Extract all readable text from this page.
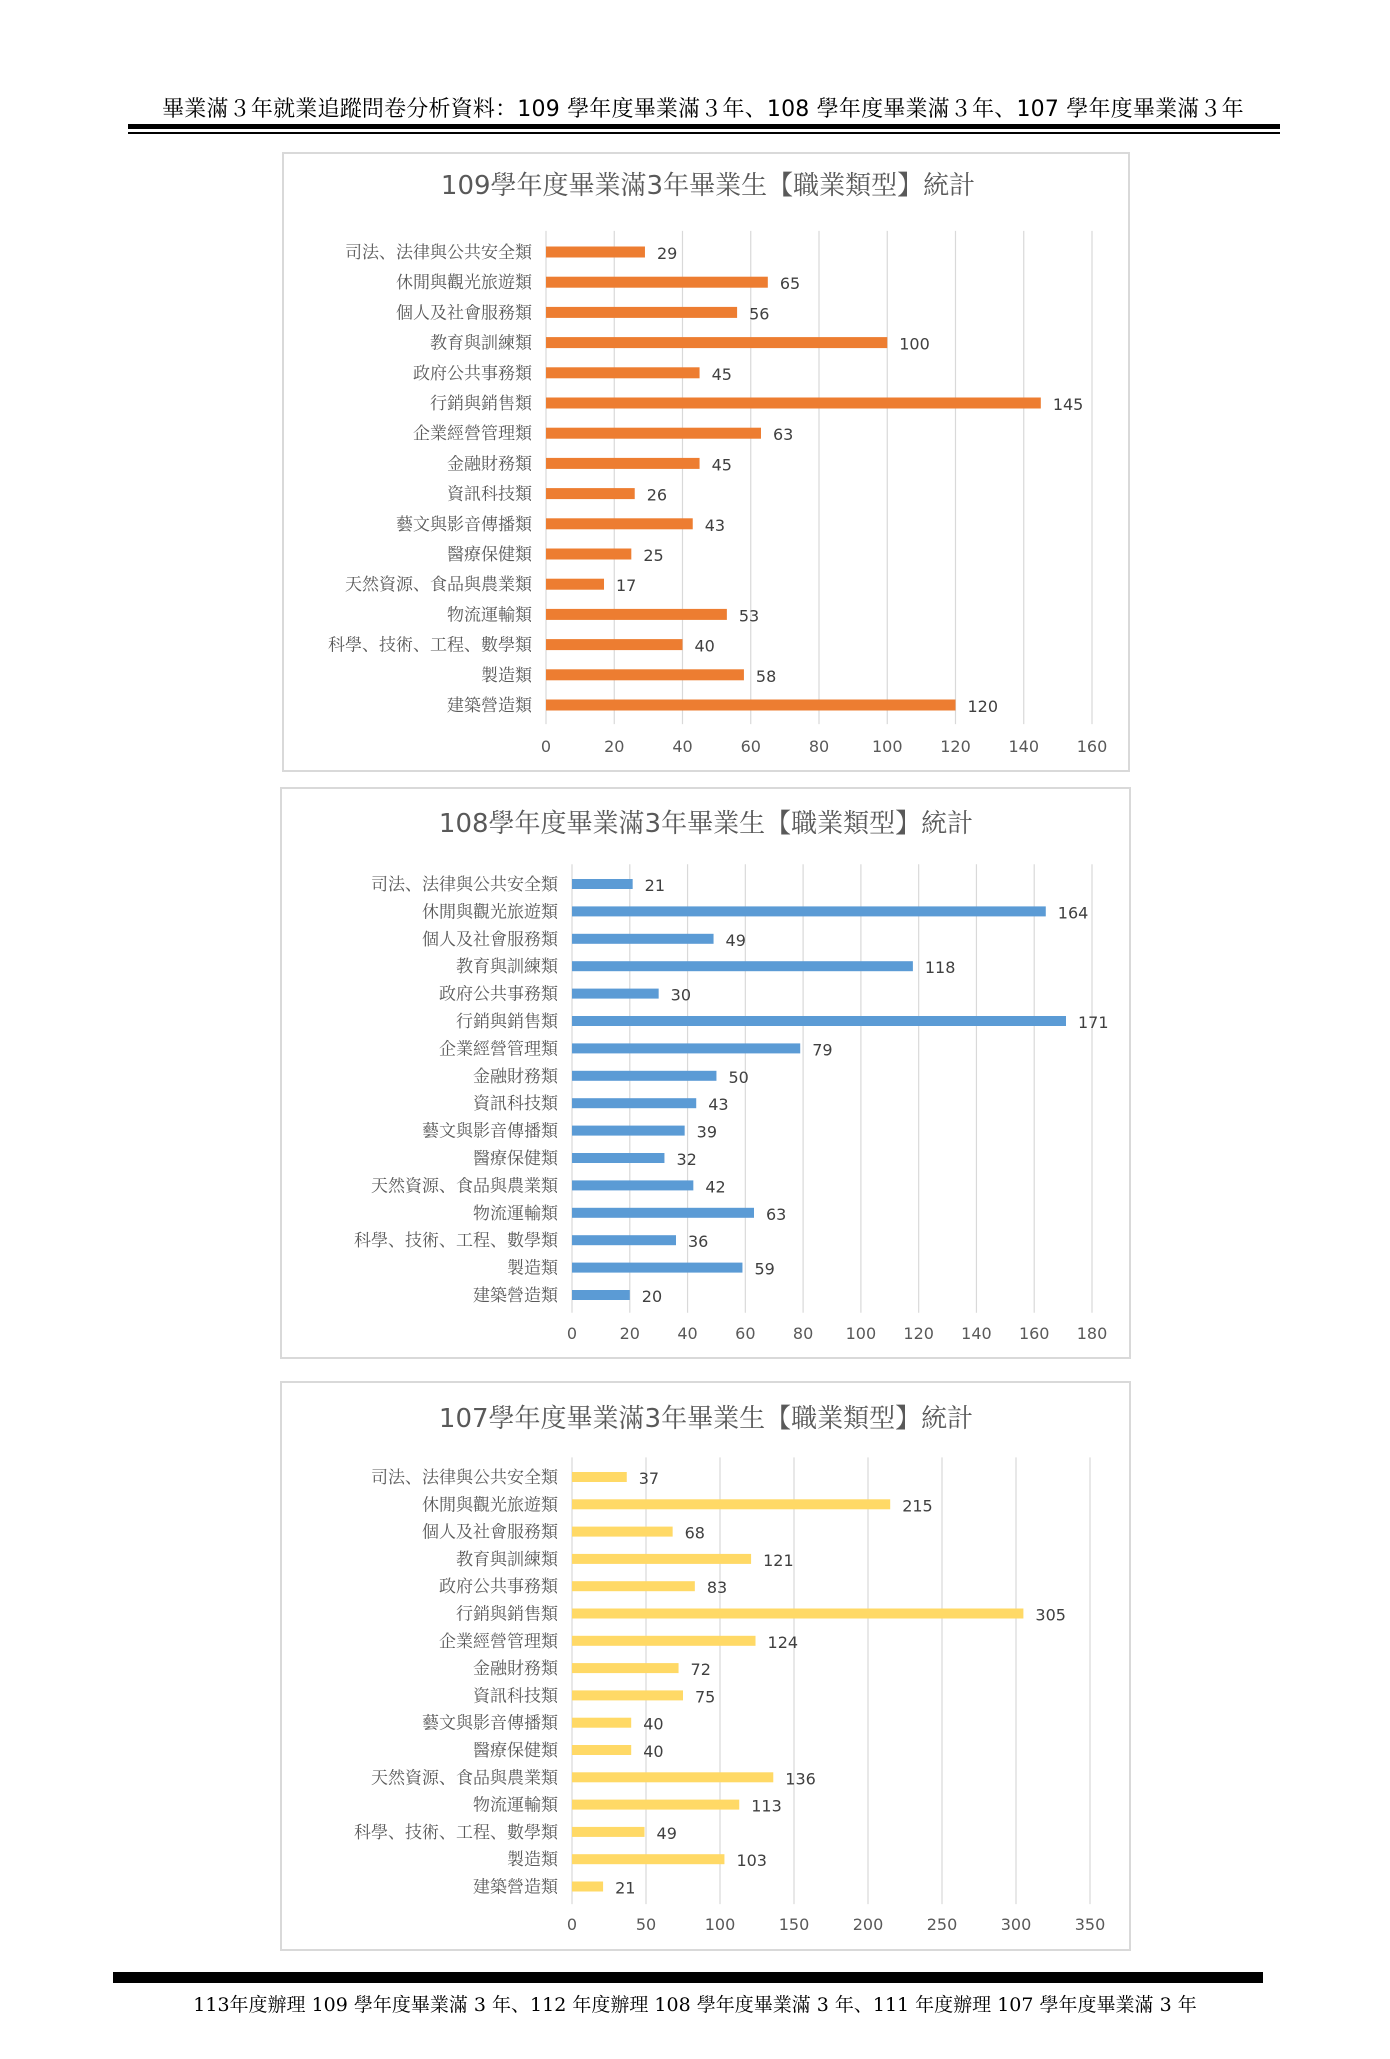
畢業滿３年就業追蹤問卷分析資料：109 學年度畢業滿３年、108 學年度畢業滿３年、107 學年度畢業滿３年
109學年度畢業滿3年畢業生【職業類型】統計
0	20	40	60	80	100 120 140 160
司法、法律與公共安全類	29
休閒與觀光旅遊類	65
個人及社會服務類	56
教育與訓練類	100
政府公共事務類	45
行銷與銷售類	145
企業經營管理類	63
金融財務類	45
資訊科技類	26
藝文與影音傳播類	43
醫療保健類	25
天然資源、食品與農業類	17
物流運輸類	53
科學、技術、工程、數學類	40
製造類	58
建築營造類	120
108學年度畢業滿3年畢業生【職業類型】統計
0	20 40 60 80 100 120 140 160 180
司法、法律與公共安全類	21
休閒與觀光旅遊類	164
個人及社會服務類	49
教育與訓練類	118
政府公共事務類	30
行銷與銷售類	171
企業經營管理類	79
金融財務類	50
資訊科技類	43
藝文與影音傳播類	39
醫療保健類	32
天然資源、食品與農業類	42
物流運輸類	63
科學、技術、工程、數學類	36
製造類	59
建築營造類	20
107學年度畢業滿3年畢業生【職業類型】統計
0	50	100	150	200	250	300	350
司法、法律與公共安全類	37
休閒與觀光旅遊類	215
個人及社會服務類	68
教育與訓練類	121
政府公共事務類	83
行銷與銷售類	305
企業經營管理類	124
金融財務類	72
資訊科技類	75
藝文與影音傳播類	40
醫療保健類	40
天然資源、食品與農業類	136
物流運輸類	113
科學、技術、工程、數學類	49
製造類	103
建築營造類	21
113年度辦理 109 學年度畢業滿 3 年、112 年度辦理 108 學年度畢業滿 3 年、111 年度辦理 107 學年度畢業滿 3 年
